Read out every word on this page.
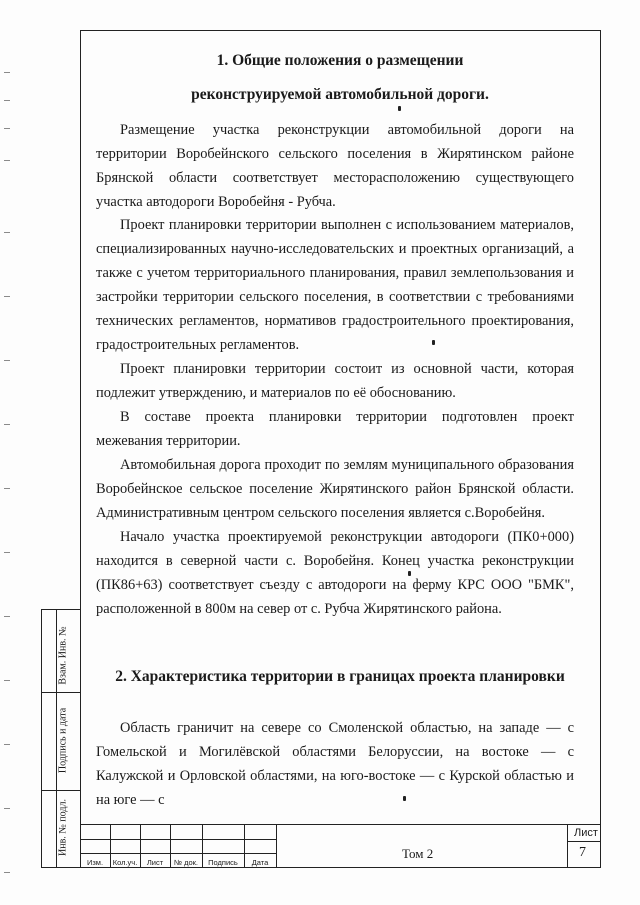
Взам. Инв. №
Подпись и дата
Инв. № подл.
1. Общие положения о размещении
реконструируемой автомобильной дороги.
Размещение участка реконструкции автомобильной дороги на территории Воробейнского сельского поселения в Жирятинском районе Брянской области соответствует месторасположению существующего участка автодороги Воробейня - Рубча.
Проект планировки территории выполнен с использованием материалов, специализированных научно-исследовательских и проектных организаций, а также с учетом территориального планирования, правил землепользования и застройки территории сельского поселения, в соответствии с требованиями технических регламентов, нормативов градостроительного проектирования, градостроительных регламентов.
Проект планировки территории состоит из основной части, которая подлежит утверждению, и материалов по её обоснованию.
В составе проекта планировки территории подготовлен проект межевания территории.
Автомобильная дорога проходит по землям муниципального образования Воробейнское сельское поселение Жирятинского район Брянской области. Административным центром сельского поселения является с.Воробейня.
Начало участка проектируемой реконструкции автодороги (ПК0+000) находится в северной части с. Воробейня. Конец участка реконструкции (ПК86+63) соответствует съезду с автодороги на ферму КРС ООО "БМК", расположенной в 800м на север от с. Рубча Жирятинского района.
2. Характеристика территории в границах проекта планировки
Область граничит на севере со Смоленской областью, на западе — с Гомельской и Могилёвской областями Белоруссии, на востоке — с Калужской и Орловской областями, на юго-востоке — с Курской областью и на юге — с
Изм.	Кол.уч.	Лист	№ док.	Подпись	Дата
Том 2
Лист
7
